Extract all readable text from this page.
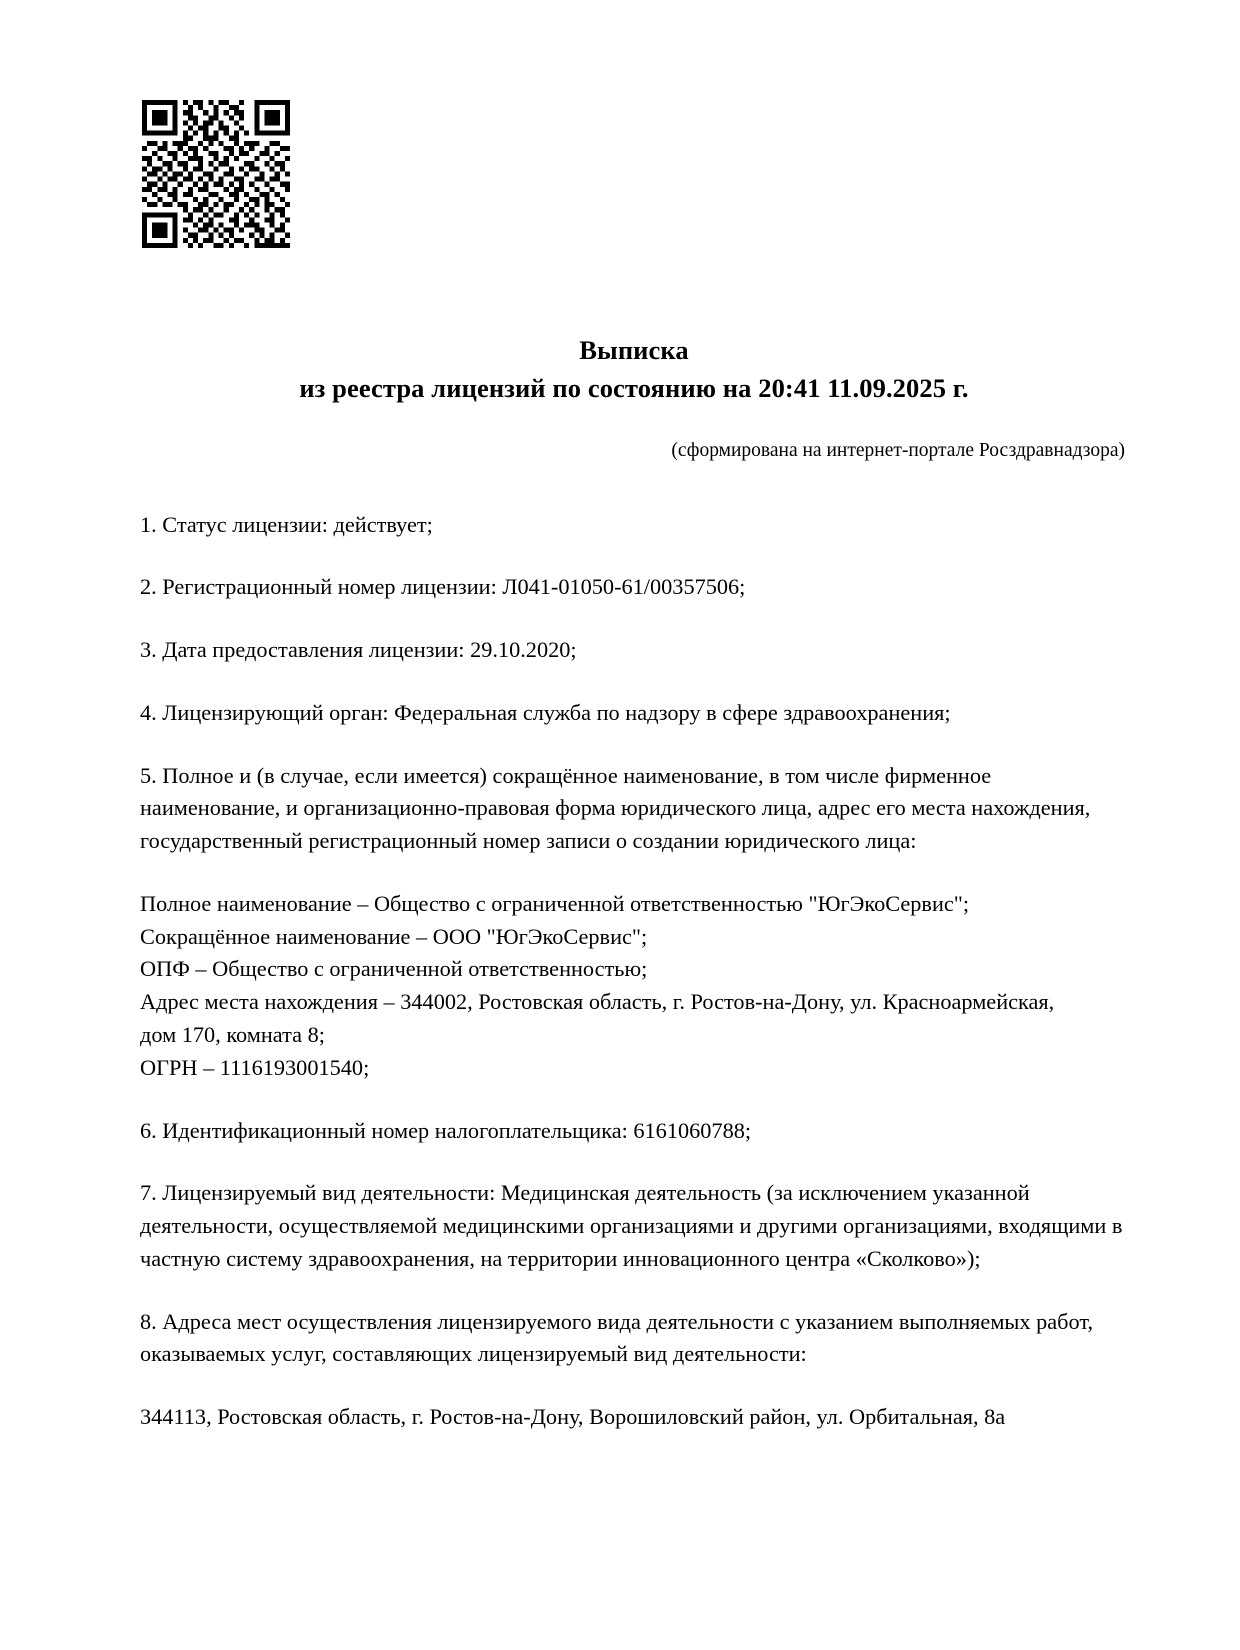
Выписка
из реестра лицензий по состоянию на 20:41 11.09.2025 г.
(сформирована на интернет-портале Росздравнадзора)

1. Статус лицензии: действует;

2. Регистрационный номер лицензии: Л041-01050-61/00357506;

3. Дата предоставления лицензии: 29.10.2020;

4. Лицензирующий орган: Федеральная служба по надзору в сфере здравоохранения;

5. Полное и (в случае, если имеется) сокращённое наименование, в том числе фирменное наименование, и организационно-правовая форма юридического лица, адрес его места нахождения, государственный регистрационный номер записи о создании юридического лица:

Полное наименование – Общество с ограниченной ответственностью "ЮгЭкоСервис";
Сокращённое наименование – ООО "ЮгЭкоСервис";
ОПФ – Общество с ограниченной ответственностью;
Адрес места нахождения – 344002, Ростовская область, г. Ростов-на-Дону, ул. Красноармейская,
дом 170, комната 8;
ОГРН – 1116193001540;

6. Идентификационный номер налогоплательщика: 6161060788;

7. Лицензируемый вид деятельности: Медицинская деятельность (за исключением указанной деятельности, осуществляемой медицинскими организациями и другими организациями, входящими в частную систему здравоохранения, на территории инновационного центра «Сколково»);

8. Адреса мест осуществления лицензируемого вида деятельности с указанием выполняемых работ, оказываемых услуг, составляющих лицензируемый вид деятельности:

344113, Ростовская область, г. Ростов-на-Дону, Ворошиловский район, ул. Орбитальная, 8а
